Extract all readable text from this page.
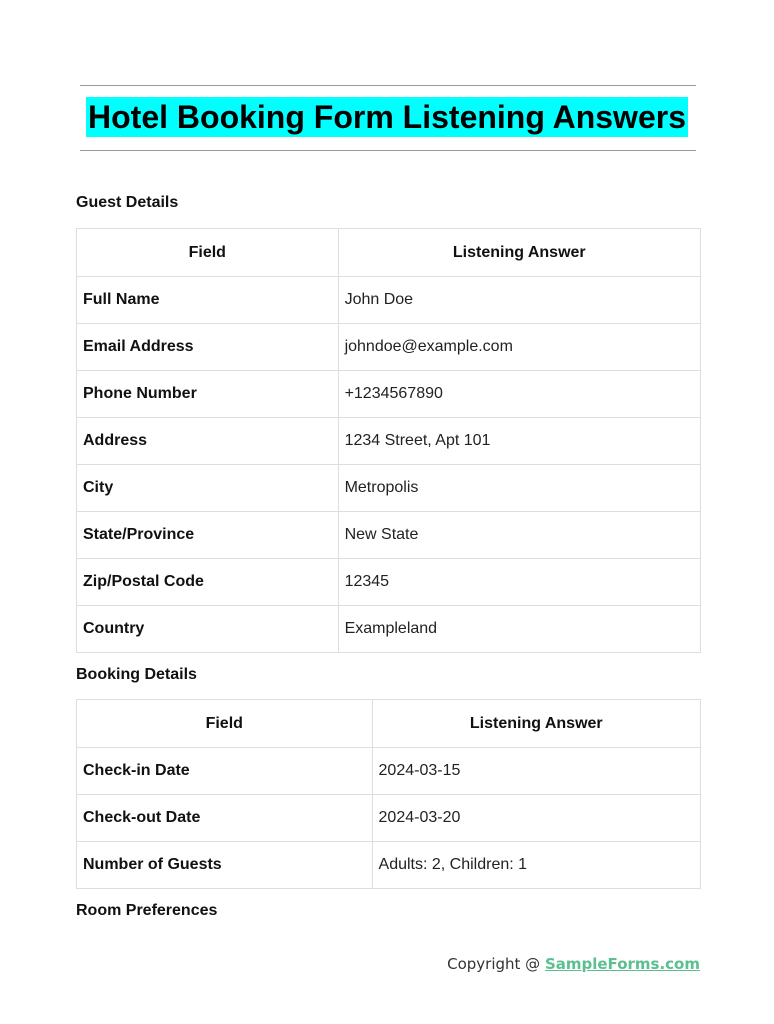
Hotel Booking Form Listening Answers
Guest Details
Field	Listening Answer
Full Name	John Doe
Email Address	johndoe@example.com
Phone Number	+1234567890
Address	1234 Street, Apt 101
City	Metropolis
State/Province	New State
Zip/Postal Code	12345
Country	Exampleland
Booking Details
Field	Listening Answer
Check-in Date	2024-03-15
Check-out Date	2024-03-20
Number of Guests	Adults: 2, Children: 1
Room Preferences
Copyright @ SampleForms.com
